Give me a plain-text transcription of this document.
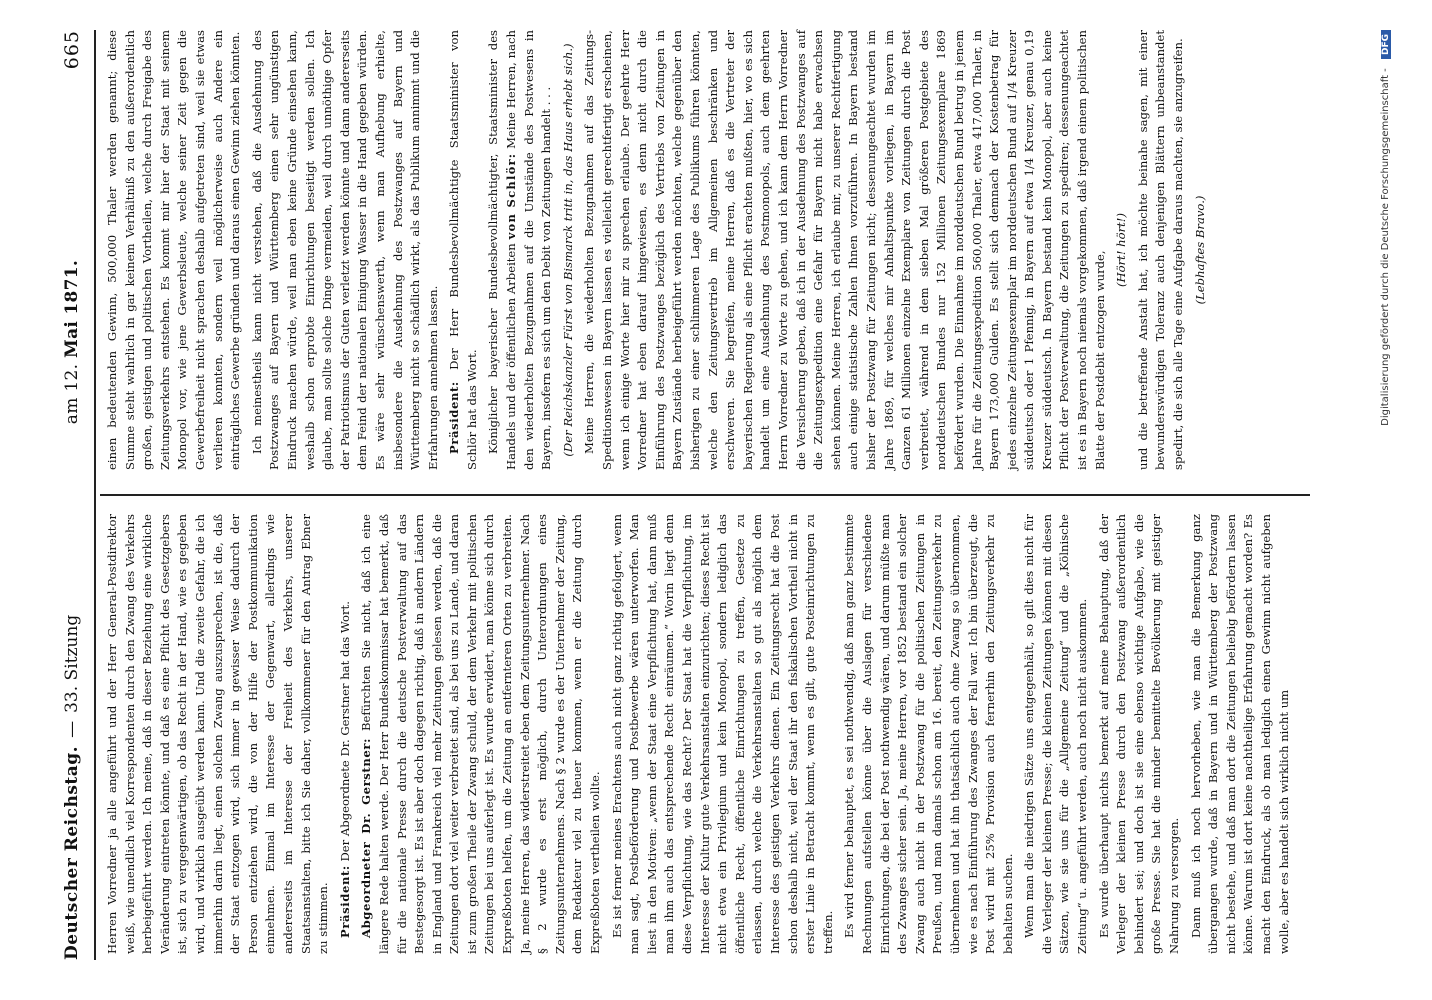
Deutscher Reichstag.
—
33. Sitzung
am 12. Mai 1871.
665

Herren Vorredner ja alle angeführt und der Herr General-Postdirektor weiß, wie unendlich viel Korrespondenten durch den Zwang des Verkehrs herbeigeführt werden. Ich meine, daß in dieser Beziehung eine wirkliche Veränderung eintreten könnte, und daß es eine Pflicht des Gesetzgebers ist, sich zu vergegenwärtigen, ob das Recht in der Hand, wie es gegeben wird, und wirklich ausgeübt werden kann. Und die zweite Gefahr, die ich immerhin darin liegt, einen solchen Zwang auszusprechen, ist die, daß der Staat entzogen wird, sich immer in gewisser Weise dadurch der Person entziehen wird, die von der Hilfe der Postkommunikation einnehmen. Einmal im Interesse der Gegenwart, allerdings wie andererseits im Interesse der Freiheit des Verkehrs, unserer Staatsanstalten, bitte ich Sie daher, vollkommener für den Antrag Ebner zu stimmen. Präsident: Der Abgeordnete Dr. Gerstner hat das Wort. Abgeordneter Dr. Gerstner: Befürchten Sie nicht, daß ich eine längere Rede halten werde. Der Herr Bundeskommissar hat bemerkt, daß für die nationale Presse durch die deutsche Postverwaltung auf das Bestegesorgt ist. Es ist aber doch dagegen richtig, daß in andern Ländern in England und Frankreich viel mehr Zeitungen gelesen werden, daß die Zeitungen dort viel weiter verbreitet sind, als bei uns zu Lande, und daran ist zum großen Theile der Zwang schuld, der dem Verkehr mit politischen Zeitungen bei uns auferlegt ist. Es wurde erwidert, man könne sich durch Expreßboten helfen, um die Zeitung an entfernteren Orten zu verbreiten. Ja, meine Herren, das widerstreitet eben dem Zeitungsunternehmer. Nach § 2 wurde es erst möglich, durch Unterordnungen eines Zeitungsunternehmens. Nach § 2 wurde es der Unternehmer der Zeitung, dem Redakteur viel zu theuer kommen, wenn er die Zeitung durch Expreßboten vertheilen wollte. Es ist ferner meines Erachtens auch nicht ganz richtig gefolgert, wenn man sagt, Postbeförderung und Postbewerbe wären unterworfen. Man liest in den Motiven: „wenn der Staat eine Verpflichtung hat, dann muß man ihm auch das entsprechende Recht einräumen.“ Worin liegt denn diese Verpflichtung, wie das Recht? Der Staat hat die Verpflichtung, im Interesse der Kultur gute Verkehrsanstalten einzurichten; dieses Recht ist nicht etwa ein Privilegium und kein Monopol, sondern lediglich das öffentliche Recht, öffentliche Einrichtungen zu treffen, Gesetze zu erlassen, durch welche die Verkehrsanstalten so gut als möglich dem Interesse des geistigen Verkehrs dienen. Ein Zeitungsrecht hat die Post schon deshalb nicht, weil der Staat ihr den fiskalischen Vortheil nicht in erster Linie in Betracht kommt, wenn es gilt, gute Posteinrichtungen zu treffen. Es wird ferner behauptet, es sei nothwendig, daß man ganz bestimmte Rechnungen aufstellen könne über die Auslagen für verschiedene Einrichtungen, die bei der Post nothwendig wären, und darum müßte man des Zwanges sicher sein. Ja, meine Herren, vor 1852 bestand ein solcher Zwang auch nicht in der Postzwang für die politischen Zeitungen in Preußen, und man damals schon am 16. bereit, den Zeitungsverkehr zu übernehmen und hat ihn thatsächlich auch ohne Zwang so übernommen, wie es nach Einführung des Zwanges der Fall war. Ich bin überzeugt, die Post wird mit 25% Provision auch fernerhin den Zeitungsverkehr zu behalten suchen. Wenn man die niedrigen Sätze uns entgegenhält, so gilt dies nicht für die Verleger der kleinen Presse; die kleinen Zeitungen können mit diesen Sätzen, wie sie uns für die „Allgemeine Zeitung“ und die „Kölnische Zeitung“ u. angeführt werden, auch noch nicht auskommen. Es wurde überhaupt nichts bemerkt auf meine Behauptung, daß der Verleger der kleinen Presse durch den Postzwang außerordentlich behindert sei; und doch ist sie eine ebenso wichtige Aufgabe, wie die große Presse. Sie hat die minder bemittelte Bevölkerung mit geistiger Nahrung zu versorgen. Dann muß ich noch hervorheben, wie man die Bemerkung ganz übergangen wurde, daß in Bayern und in Württemberg der Postzwang nicht bestehe, und daß man dort die Zeitungen beliebig befördern lassen könne. Warum ist dort keine nachtheilige Erfahrung gemacht worden? Es macht den Eindruck, als ob man lediglich einen Gewinn nicht aufgeben wolle, aber es handelt sich wirklich nicht um

einen bedeutenden Gewinn, 500,000 Thaler werden genannt; diese Summe steht wahrlich in gar keinem Verhältniß zu den außerordentlich großen, geistigen und politischen Vortheilen, welche durch Freigabe des Zeitungsverkehrs entstehen. Es kommt mir hier der Staat mit seinem Monopol vor, wie jene Gewerbsleute, welche seiner Zeit gegen die Gewerbefreiheit nicht sprachen deshalb aufgetreten sind, weil sie etwas verlieren konnten, sondern weil möglicherweise auch Andere ein einträgliches Gewerbe gründen und daraus einen Gewinn ziehen könnten. Ich meinestheils kann nicht verstehen, daß die Ausdehnung des Postzwanges auf Bayern und Württemberg einen sehr ungünstigen Eindruck machen würde, weil man eben keine Gründe einsehen kann, weshalb schon erprobte Einrichtungen beseitigt werden sollen. Ich glaube, man sollte solche Dinge vermeiden, weil durch unnöthige Opfer der Patriotismus der Guten verletzt werden könnte und dann andererseits dem Feind der nationalen Einigung Wasser in die Hand gegeben würden. Es wäre sehr wünschenswerth, wenn man Aufhebung erhielte, insbesondere die Ausdehnung des Postzwanges auf Bayern und Württemberg nicht so schädlich wirkt, als das Publikum annimmt und die Erfahrungen annehmen lassen. Präsident: Der Herr Bundesbevollmächtigte Staatsminister von Schlör hat das Wort. Königlicher bayerischer Bundesbevollmächtigter, Staatsminister des Handels und der öffentlichen Arbeiten von Schlör: Meine Herren, nach den wiederholten Bezugnahmen auf die Umstände des Postwesens in Bayern, insofern es sich um den Debit von Zeitungen handelt . . . (Der Reichskanzler Fürst von Bismarck tritt in, das Haus erhebt sich.) Meine Herren, die wiederholten Bezugnahmen auf das Zeitungs-Speditionswesen in Bayern lassen es vielleicht gerechtfertigt erscheinen, wenn ich einige Worte hier mir zu sprechen erlaube. Der geehrte Herr Vorredner hat eben darauf hingewiesen, es denn nicht durch die Einführung des Postzwanges bezüglich des Vertriebs von Zeitungen in Bayern Zustände herbeigeführt werden möchten, welche gegenüber den bisherigen zu einer schlimmeren Lage des Publikums führen könnten, welche den Zeitungsvertrieb im Allgemeinen beschränken und erschweren. Sie begreifen, meine Herren, daß es die Vertreter der bayerischen Regierung als eine Pflicht erachten mußten, hier, wo es sich handelt um eine Ausdehnung des Postmonopols, auch dem geehrten Herrn Vorredner zu Worte zu gehen, und ich kann dem Herrn Vorredner die Versicherung geben, daß ich in der Ausdehnung des Postzwanges auf die Zeitungsexpedition eine Gefahr für Bayern nicht habe erwachsen sehen können. Meine Herren, ich erlaube mir, zu unserer Rechtfertigung auch einige statistische Zahlen Ihnen vorzuführen. In Bayern bestand bisher der Postzwang für Zeitungen nicht; dessenungeachtet wurden im Jahre 1869, für welches mir Anhaltspunkte vorliegen, in Bayern im Ganzen 61 Millionen einzelne Exemplare von Zeitungen durch die Post verbreitet, während in dem sieben Mal größeren Postgebiete des norddeutschen Bundes nur 152 Millionen Zeitungsexemplare 1869 befördert wurden. Die Einnahme im norddeutschen Bund betrug in jenem Jahre für die Zeitungsexpedition 560,000 Thaler, etwa 417,000 Thaler, in Bayern 173,000 Gulden. Es stellt sich demnach der Kostenbetrag für jedes einzelne Zeitungsexemplar im norddeutschen Bund auf 1/4 Kreuzer süddeutsch oder 1 Pfennig, in Bayern auf etwa 1/4 Kreuzer, genau 0,19 Kreuzer süddeutsch. In Bayern bestand kein Monopol, aber auch keine Pflicht der Postverwaltung, die Zeitungen zu spediren; dessenungeachtet ist es in Bayern noch niemals vorgekommen, daß irgend einem politischen Blatte der Postdebit entzogen wurde,

(Hört! hört!) und die betreffende Anstalt hat, ich möchte beinahe sagen, mit einer bewunderswürdigen Toleranz auch denjenigen Blättern unbeanstandet spedirt, die sich alle Tage eine Aufgabe daraus machten, sie anzugreifen. (Lebhaftes Bravo.)	Digitalisierung gefördert durch die Deutsche Forschungsgemeinschaft - DFG
